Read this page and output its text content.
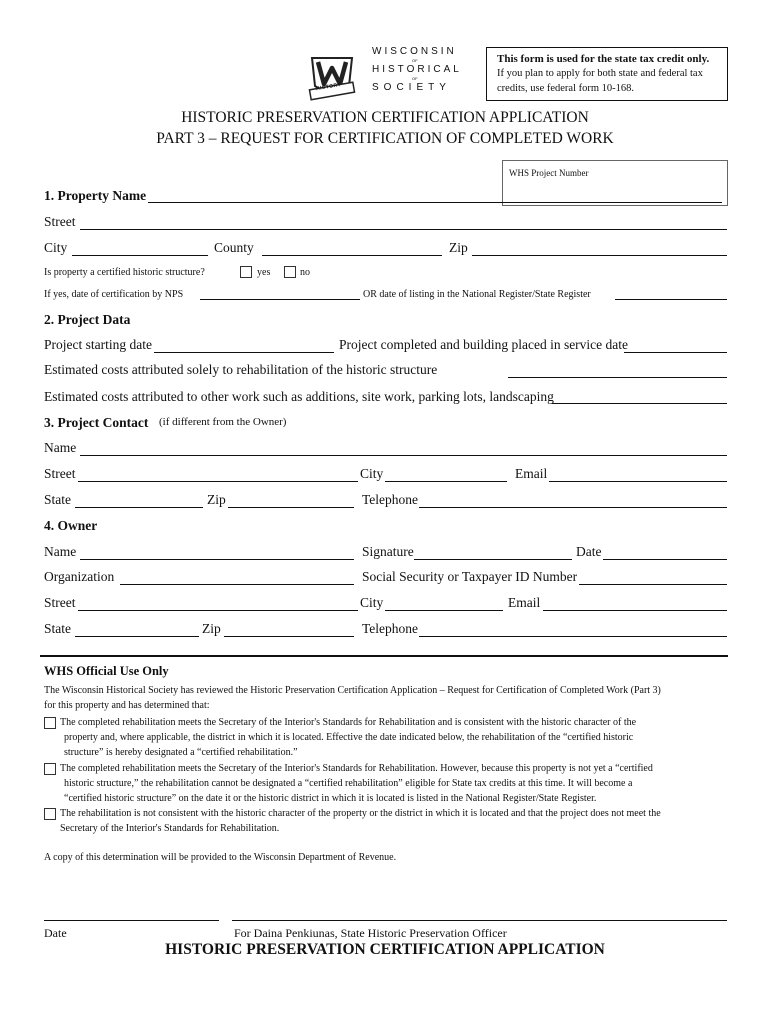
HISTORY
WISCONSIN
OF
HISTORICAL
OF
SOCIETY
This form is used for the state tax credit only.
If you plan to apply for both state and federal tax
credits, use federal form 10-168.
HISTORIC PRESERVATION CERTIFICATION APPLICATION
PART 3 – REQUEST FOR CERTIFICATION OF COMPLETED WORK
WHS Project Number
1. Property Name
Street
City	County	Zip
Is property a certified historic structure?	yes	no
If yes, date of certification by NPS	OR date of listing in the National Register/State Register
2. Project Data
Project starting date	Project completed and building placed in service date
Estimated costs attributed solely to rehabilitation of the historic structure
Estimated costs attributed to other work such as additions, site work, parking lots, landscaping
3. Project Contact (if different from the Owner)
Name
Street	City	Email
State	Zip	Telephone
4. Owner
Name	Signature	Date
Organization	Social Security or Taxpayer ID Number
Street	City	Email
State	Zip	Telephone
WHS Official Use Only
The Wisconsin Historical Society has reviewed the Historic Preservation Certification Application – Request for Certification of Completed Work (Part 3)
for this property and has determined that:
The completed rehabilitation meets the Secretary of the Interior's Standards for Rehabilitation and is consistent with the historic character of the
property and, where applicable, the district in which it is located. Effective the date indicated below, the rehabilitation of the “certified historic
structure” is hereby designated a “certified rehabilitation.”
The completed rehabilitation meets the Secretary of the Interior's Standards for Rehabilitation. However, because this property is not yet a “certified
historic structure,” the rehabilitation cannot be designated a “certified rehabilitation” eligible for State tax credits at this time. It will become a
“certified historic structure” on the date it or the historic district in which it is located is listed in the National Register/State Register.
The rehabilitation is not consistent with the historic character of the property or the district in which it is located and that the project does not meet the
Secretary of the Interior's Standards for Rehabilitation.
A copy of this determination will be provided to the Wisconsin Department of Revenue.
Date	For Daina Penkiunas, State Historic Preservation Officer
HISTORIC PRESERVATION CERTIFICATION APPLICATION
